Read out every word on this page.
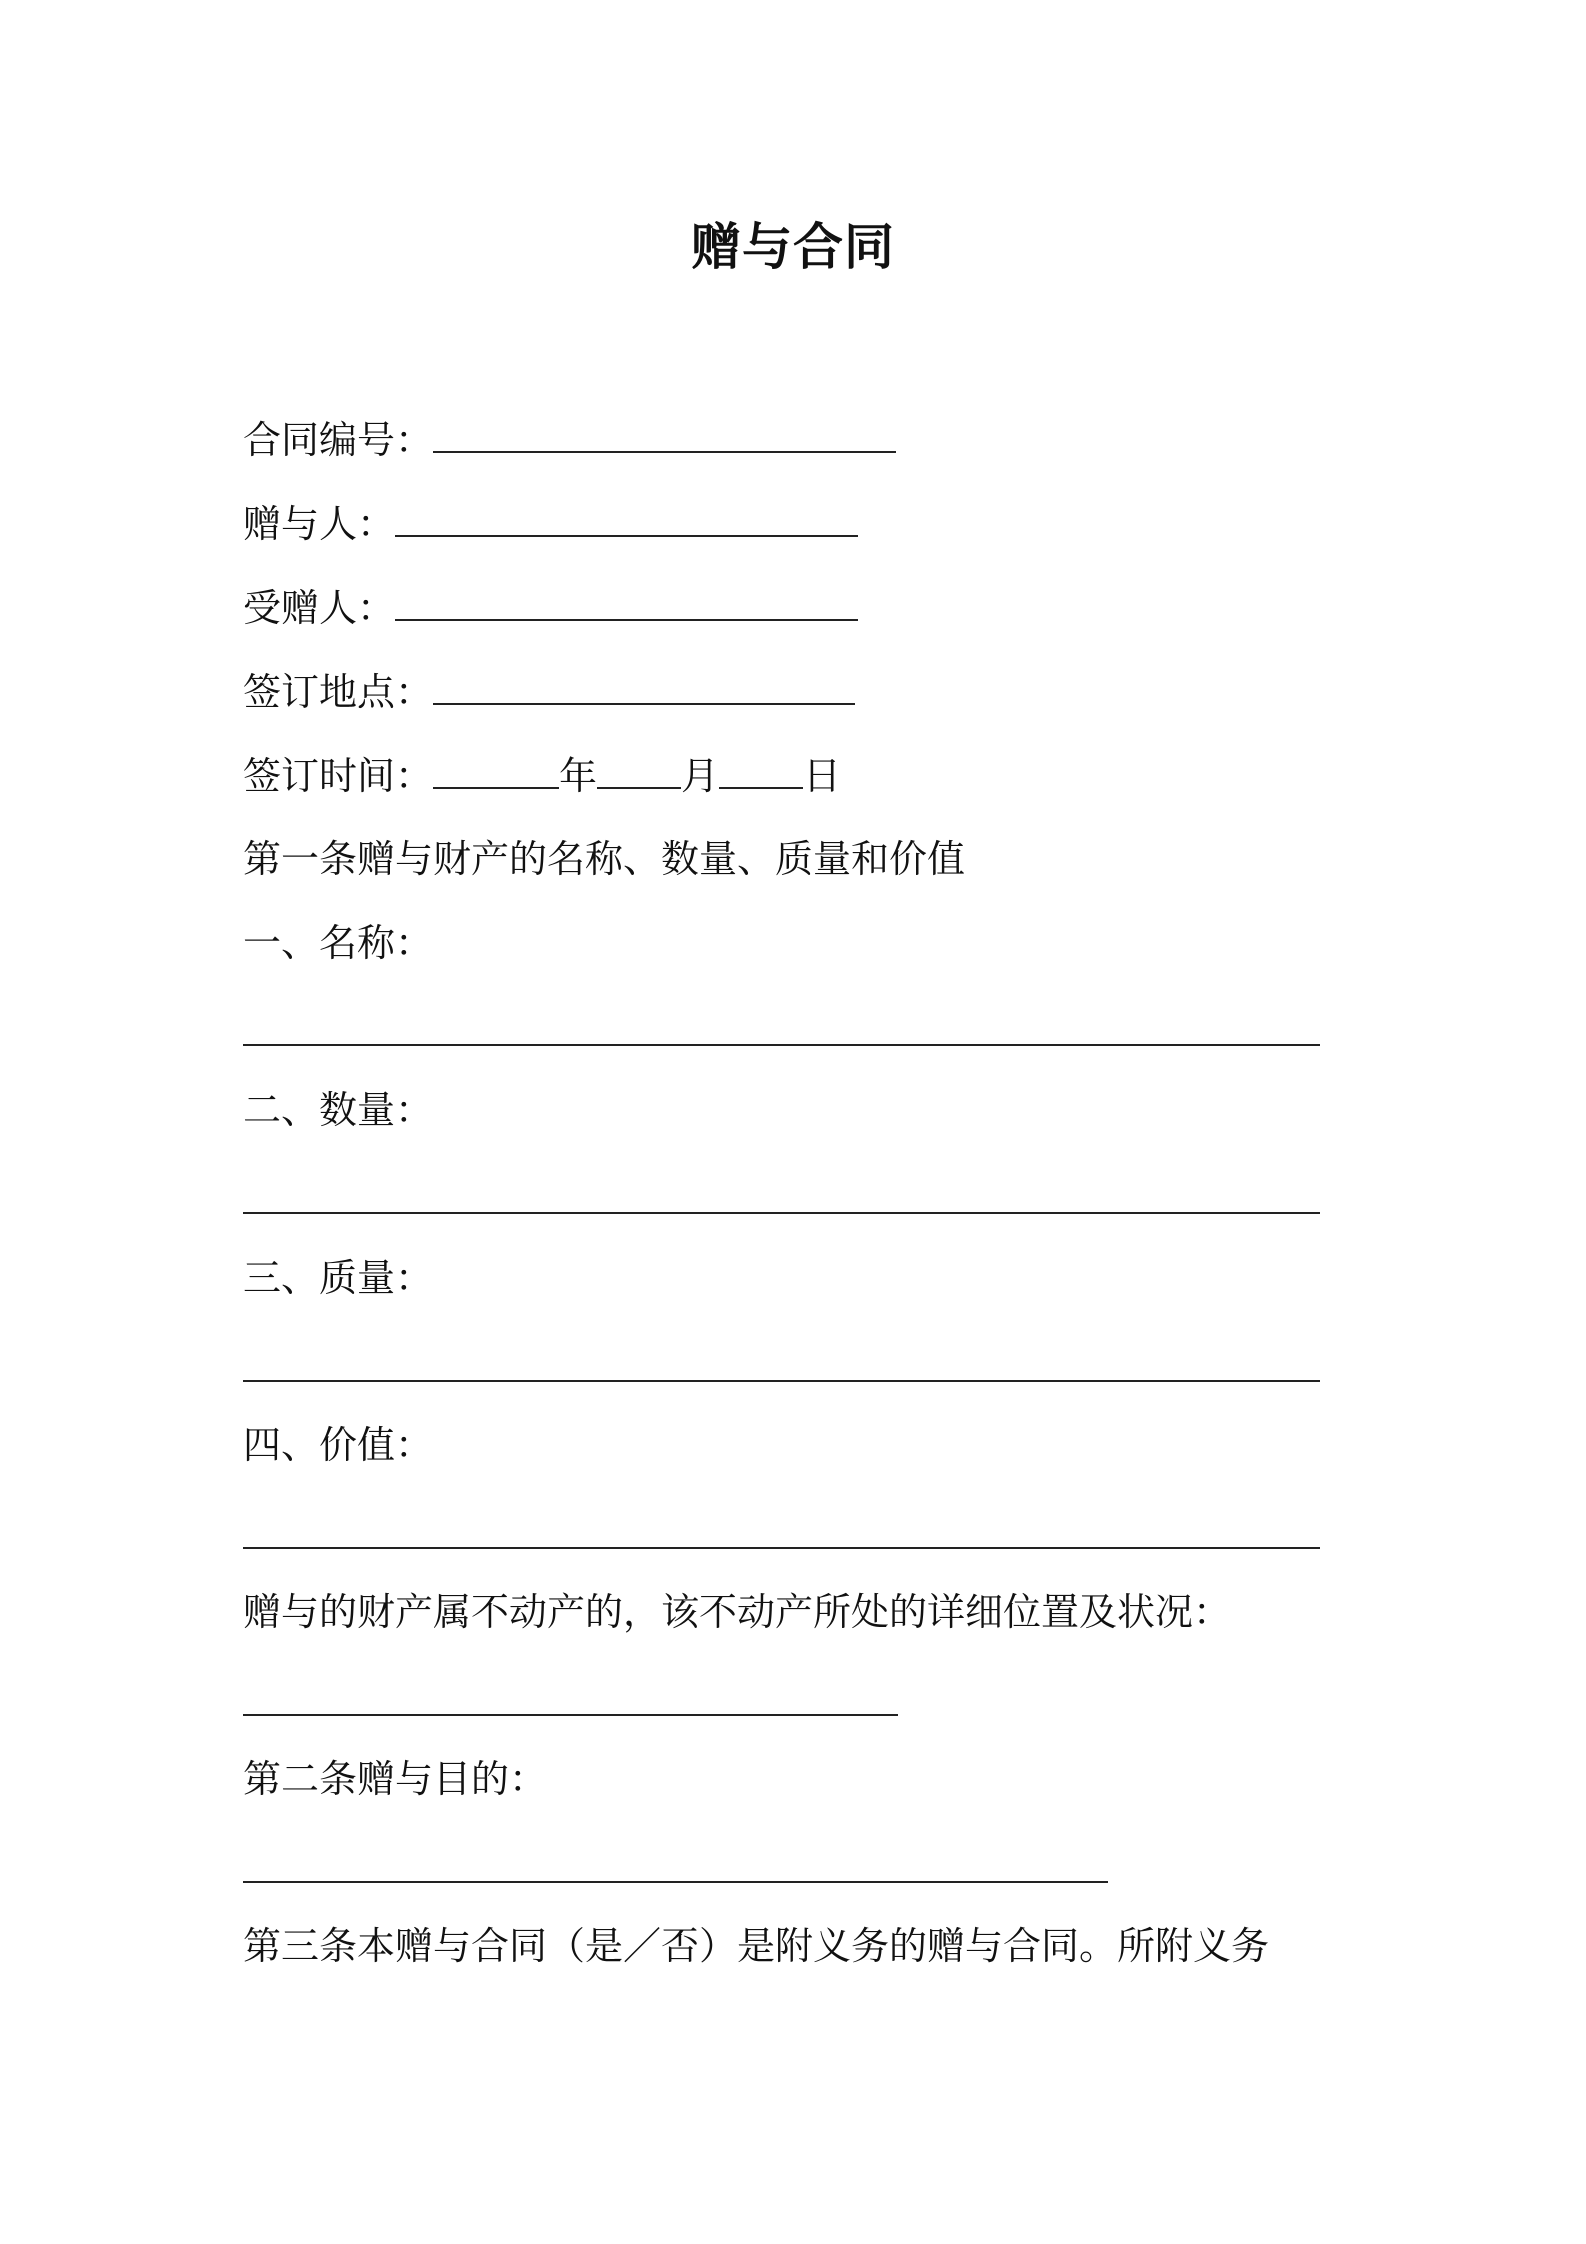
赠与合同
合同编号：
赠与人：
受赠人：
签订地点：
签订时间：	年 月 日
第一条赠与财产的名称、数量、质量和价值
一、名称：
二、数量：
三、质量：
四、价值：
赠与的财产属不动产的，该不动产所处的详细位置及状况：
第二条赠与目的：
第三条本赠与合同（是／否）是附义务的赠与合同。所附义务
